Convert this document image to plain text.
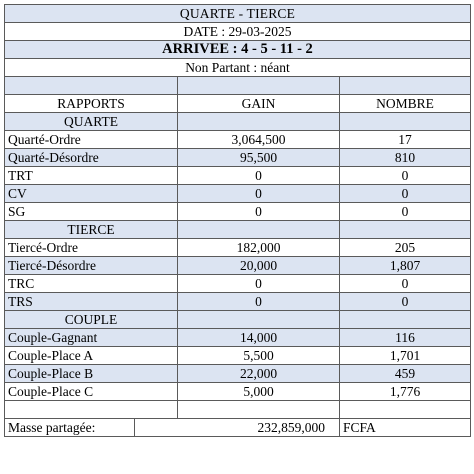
QUARTE - TIERCE			
DATE : 29-03-2025			
ARRIVEE : 4 - 5 - 11 - 2			
Non Partant : néant			

RAPPORTS		GAIN	NOMBRE
QUARTE			
Quarté-Ordre		3,064,500	17
Quarté-Désordre		95,500	810
TRT		0	0
CV		0	0
SG		0	0
TIERCE			
Tiercé-Ordre		182,000	205
Tiercé-Désordre		20,000	1,807
TRC		0	0
TRS		0	0
COUPLE			
Couple-Gagnant		14,000	116
Couple-Place A		5,500	1,701
Couple-Place B		22,000	459
Couple-Place C		5,000	1,776

Masse partagée:	232,859,000		FCFA
